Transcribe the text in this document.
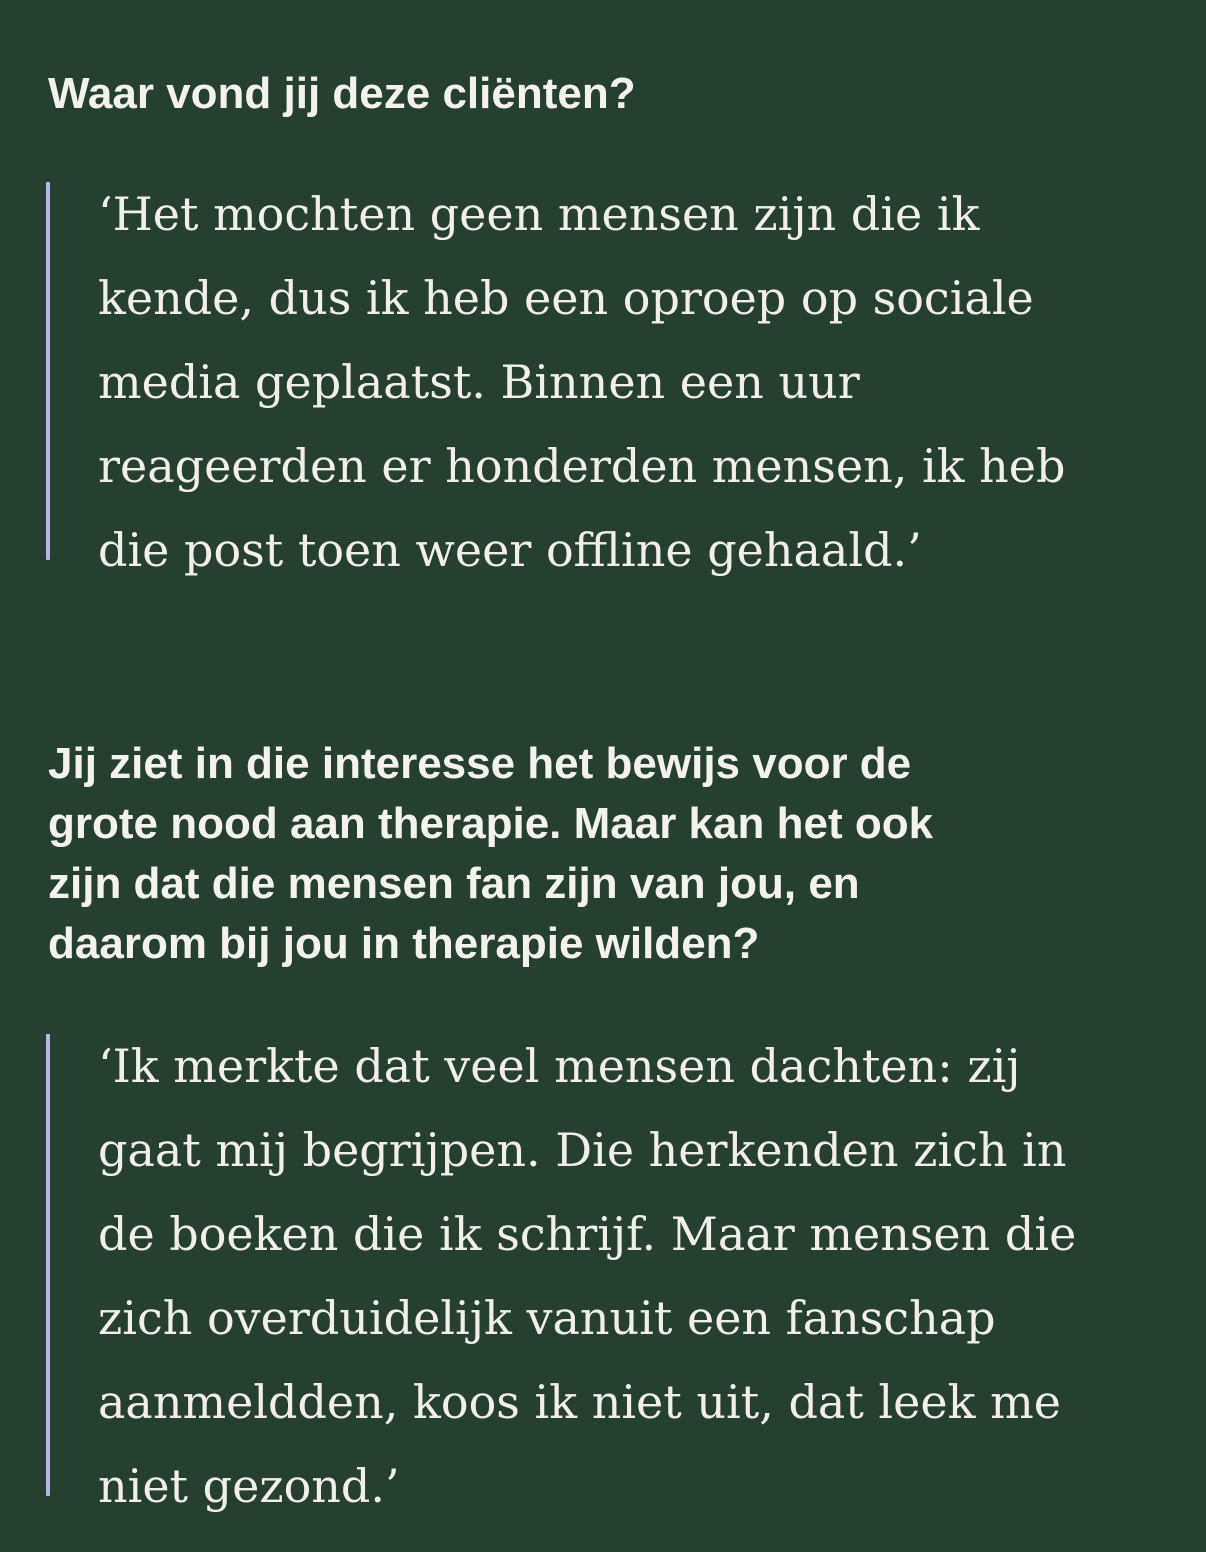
Waar vond jij deze cliënten?

‘Het mochten geen mensen zijn die ik
kende, dus ik heb een oproep op sociale
media geplaatst. Binnen een uur
reageerden er honderden mensen, ik heb
die post toen weer offline gehaald.’

Jij ziet in die interesse het bewijs voor de
grote nood aan therapie. Maar kan het ook
zijn dat die mensen fan zijn van jou, en
daarom bij jou in therapie wilden?

‘Ik merkte dat veel mensen dachten: zij
gaat mij begrijpen. Die herkenden zich in
de boeken die ik schrijf. Maar mensen die
zich overduidelijk vanuit een fanschap
aanmeldden, koos ik niet uit, dat leek me
niet gezond.’
